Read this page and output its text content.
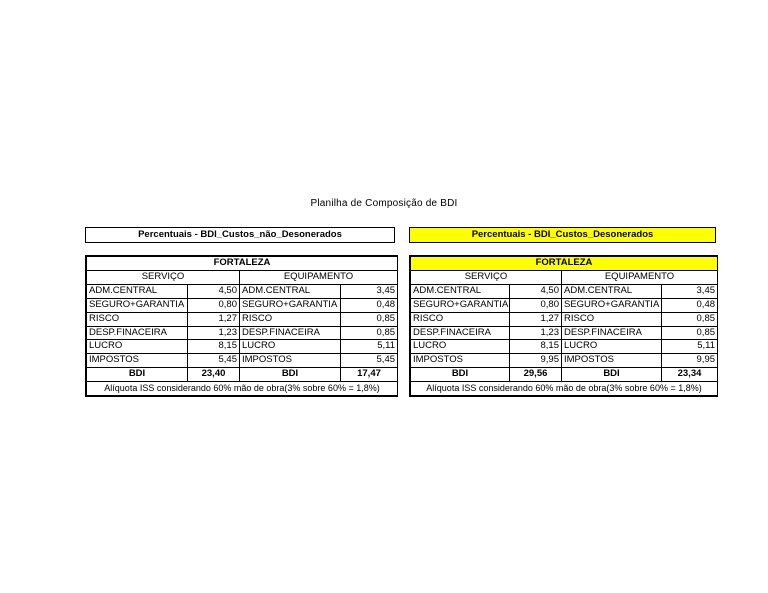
Planilha de Composição de BDI
Percentuais - BDI_Custos_não_Desonerados	Percentuais - BDI_Custos_Desonerados
FORTALEZA			
SERVIÇO		EQUIPAMENTO	
ADM.CENTRAL	4,50	ADM.CENTRAL	3,45
SEGURO+GARANTIA	0,80	SEGURO+GARANTIA	0,48
RISCO	1,27	RISCO	0,85
DESP.FINACEIRA	1,23	DESP.FINACEIRA	0,85
LUCRO	8,15	LUCRO	5,11
IMPOSTOS	5,45	IMPOSTOS	5,45
BDI	23,40	BDI	17,47
Alíquota ISS considerando 60% mão de obra(3% sobre 60% = 1,8%)			
FORTALEZA			
SERVIÇO		EQUIPAMENTO	
ADM.CENTRAL	4,50	ADM.CENTRAL	3,45
SEGURO+GARANTIA	0,80	SEGURO+GARANTIA	0,48
RISCO	1,27	RISCO	0,85
DESP.FINACEIRA	1,23	DESP.FINACEIRA	0,85
LUCRO	8,15	LUCRO	5,11
IMPOSTOS	9,95	IMPOSTOS	9,95
BDI	29,56	BDI	23,34
Alíquota ISS considerando 60% mão de obra(3% sobre 60% = 1,8%)			
